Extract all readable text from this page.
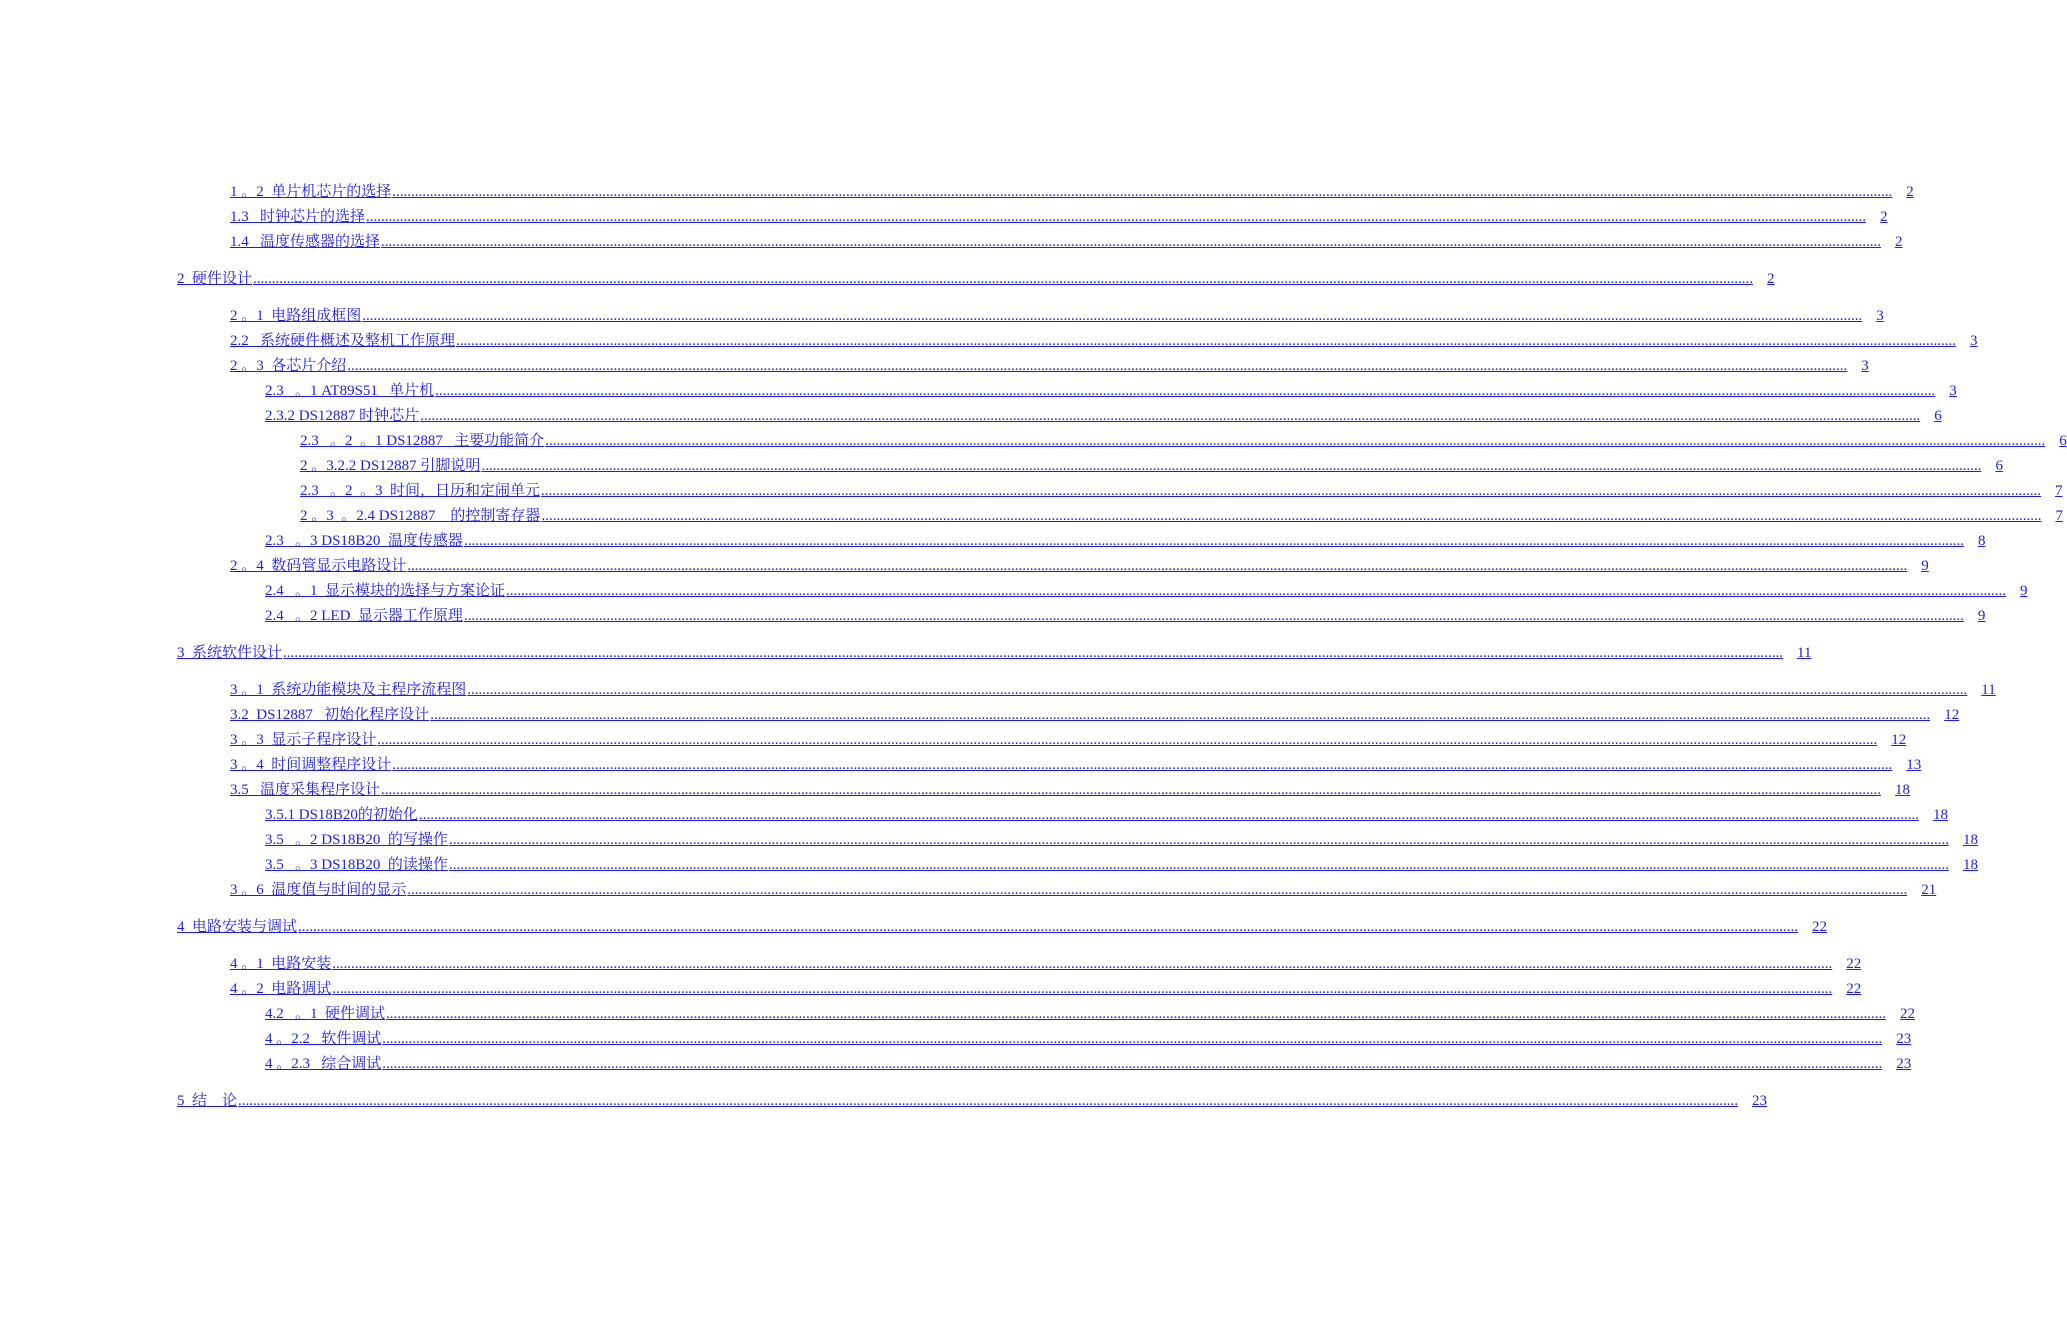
1 。2  单片机芯片的选择 ................................................................................................................................................................................................................................................................................................................................................................................................................ 2
1.3   时钟芯片的选择 ................................................................................................................................................................................................................................................................................................................................................................................................................ 2
1.4   温度传感器的选择 ................................................................................................................................................................................................................................................................................................................................................................................................................ 2
2  硬件设计 ................................................................................................................................................................................................................................................................................................................................................................................................................ 2
2 。1  电路组成框图 ................................................................................................................................................................................................................................................................................................................................................................................................................ 3
2.2   系统硬件概述及整机工作原理 ................................................................................................................................................................................................................................................................................................................................................................................................................ 3
2 。3  各芯片介绍 ................................................................................................................................................................................................................................................................................................................................................................................................................ 3
2.3   。1 AT89S51   单片机 ................................................................................................................................................................................................................................................................................................................................................................................................................ 3
2.3.2 DS12887 时钟芯片 ................................................................................................................................................................................................................................................................................................................................................................................................................ 6
2.3   。2  。1 DS12887   主要功能简介 ................................................................................................................................................................................................................................................................................................................................................................................................................ 6
2 。3.2.2 DS12887 引脚说明 ................................................................................................................................................................................................................................................................................................................................................................................................................ 6
2.3   。2  。3  时间，日历和定闹单元 ................................................................................................................................................................................................................................................................................................................................................................................................................ 7
2 。3  。2.4 DS12887    的控制寄存器 ................................................................................................................................................................................................................................................................................................................................................................................................................ 7
2.3   。3 DS18B20  温度传感器 ................................................................................................................................................................................................................................................................................................................................................................................................................ 8
2 。4  数码管显示电路设计 ................................................................................................................................................................................................................................................................................................................................................................................................................ 9
2.4   。1  显示模块的选择与方案论证 ................................................................................................................................................................................................................................................................................................................................................................................................................ 9
2.4   。2 LED  显示器工作原理 ................................................................................................................................................................................................................................................................................................................................................................................................................ 9
3  系统软件设计 ................................................................................................................................................................................................................................................................................................................................................................................................................ 11
3 。1  系统功能模块及主程序流程图 ................................................................................................................................................................................................................................................................................................................................................................................................................ 11
3.2  DS12887   初始化程序设计 ................................................................................................................................................................................................................................................................................................................................................................................................................ 12
3 。3  显示子程序设计 ................................................................................................................................................................................................................................................................................................................................................................................................................ 12
3 。4  时间调整程序设计 ................................................................................................................................................................................................................................................................................................................................................................................................................ 13
3.5   温度采集程序设计 ................................................................................................................................................................................................................................................................................................................................................................................................................ 18
3.5.1 DS18B20的初始化 ................................................................................................................................................................................................................................................................................................................................................................................................................ 18
3.5   。2 DS18B20  的写操作 ................................................................................................................................................................................................................................................................................................................................................................................................................ 18
3.5   。3 DS18B20  的读操作 ................................................................................................................................................................................................................................................................................................................................................................................................................ 18
3 。6  温度值与时间的显示 ................................................................................................................................................................................................................................................................................................................................................................................................................ 21
4  电路安装与调试 ................................................................................................................................................................................................................................................................................................................................................................................................................ 22
4 。1  电路安装 ................................................................................................................................................................................................................................................................................................................................................................................................................ 22
4 。2  电路调试 ................................................................................................................................................................................................................................................................................................................................................................................................................ 22
4.2   。1  硬件调试 ................................................................................................................................................................................................................................................................................................................................................................................................................ 22
4 。2.2   软件调试 ................................................................................................................................................................................................................................................................................................................................................................................................................ 23
4 。2.3   综合调试 ................................................................................................................................................................................................................................................................................................................................................................................................................ 23
5  结    论 ................................................................................................................................................................................................................................................................................................................................................................................................................ 23
